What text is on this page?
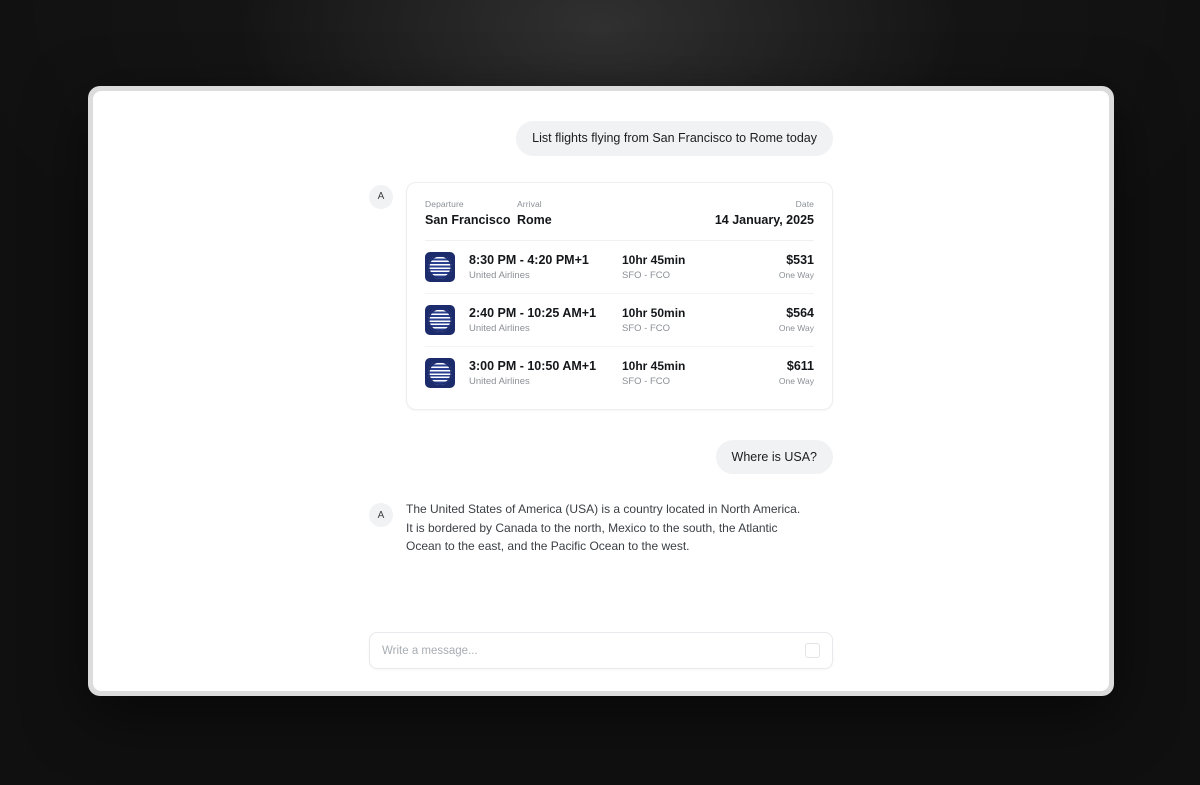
List flights flying from San Francisco to Rome today
A
Departure
San Francisco
Arrival
Rome
Date
14 January, 2025
8:30 PM - 4:20 PM+1
United Airlines
10hr 45min
SFO - FCO
$531
One Way
2:40 PM - 10:25 AM+1
United Airlines
10hr 50min
SFO - FCO
$564
One Way
3:00 PM - 10:50 AM+1
United Airlines
10hr 45min
SFO - FCO
$611
One Way
Where is USA?
A	The United States of America (USA) is a country located in North America. It is bordered by Canada to the north, Mexico to the south, the Atlantic Ocean to the east, and the Pacific Ocean to the west.
Write a message...
